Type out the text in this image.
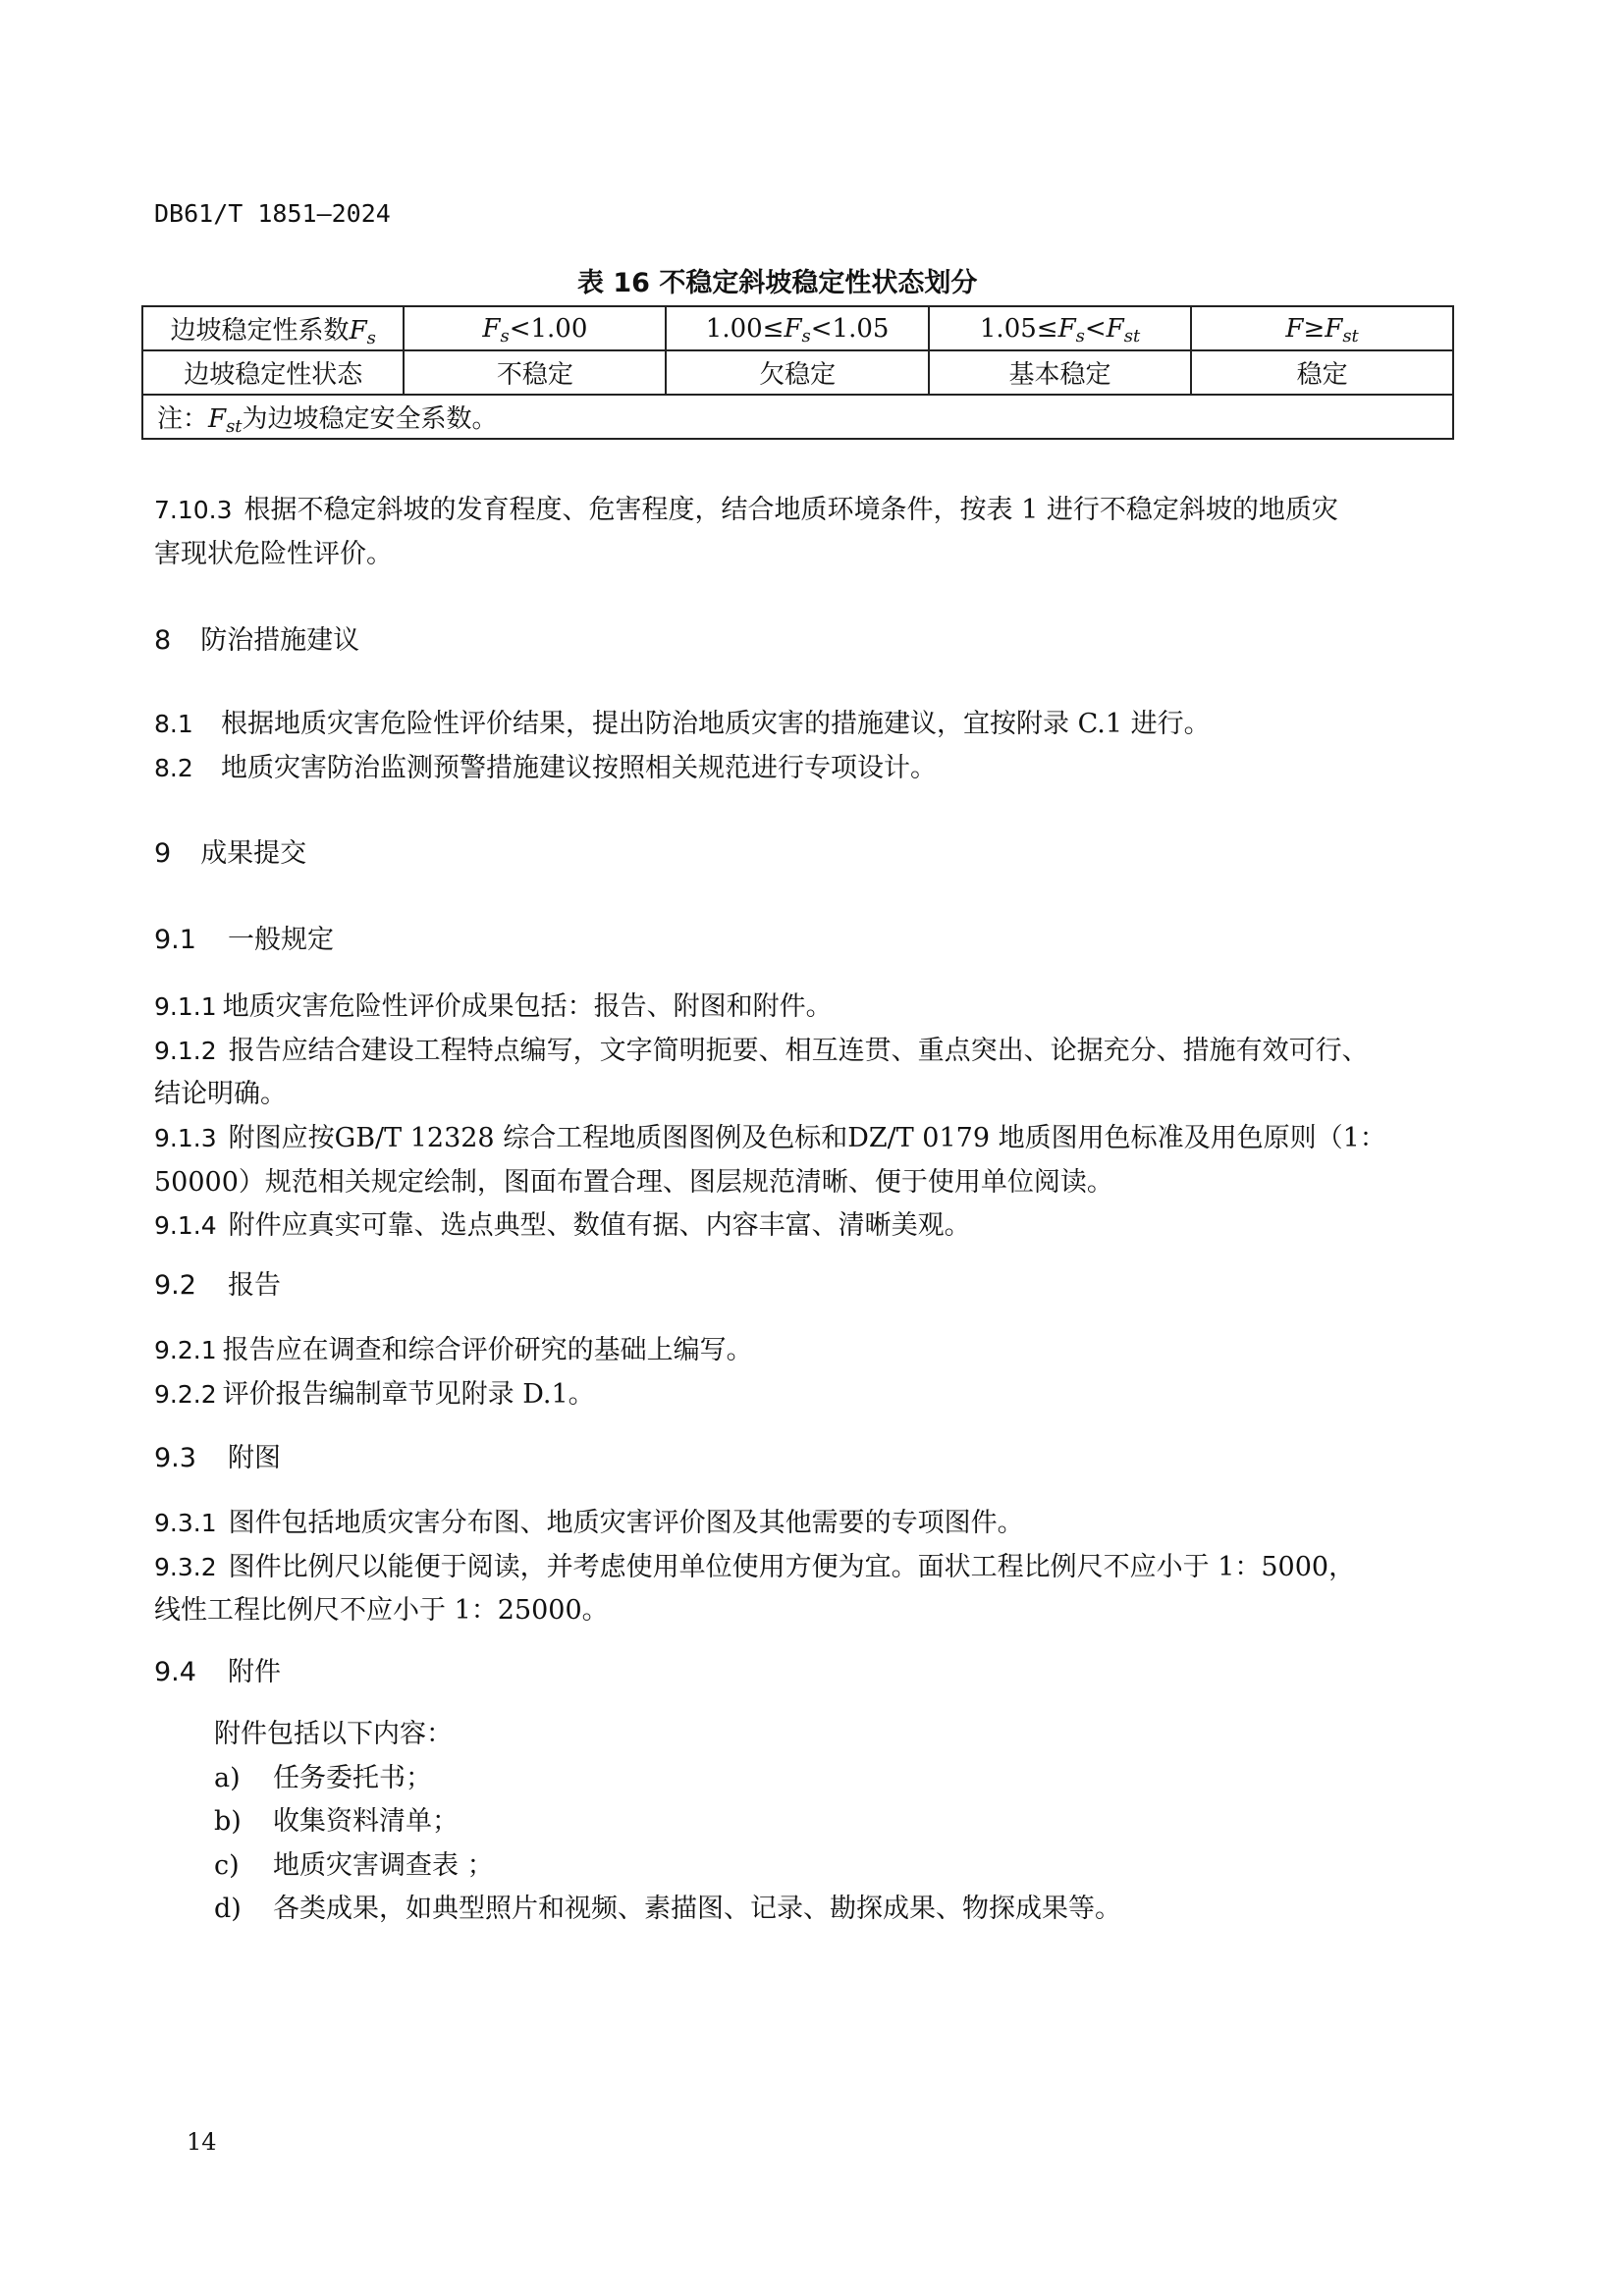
DB61/T 1851—2024
表 16 不稳定斜坡稳定性状态划分
边坡稳定性系数$F_s$	$F_s<1.00$	$1.00\le F_s<1.05$	$1.05\le F_s<F_{st}$	$F\ge F_{st}$
边坡稳定性状态	不稳定	欠稳定	基本稳定	稳定
注：$F_{st}$为边坡稳定安全系数。				
7.10.3 根据不稳定斜坡的发育程度、危害程度，结合地质环境条件，按表 1 进行不稳定斜坡的地质灾
害现状危险性评价。
8 防治措施建议
8.1 根据地质灾害危险性评价结果，提出防治地质灾害的措施建议，宜按附录 C.1 进行。
8.2 地质灾害防治监测预警措施建议按照相关规范进行专项设计。
9 成果提交
9.1 一般规定
9.1.1 地质灾害危险性评价成果包括：报告、附图和附件。
9.1.2 报告应结合建设工程特点编写，文字简明扼要、相互连贯、重点突出、论据充分、措施有效可行、
结论明确。
9.1.3 附图应按GB/T 12328 综合工程地质图图例及色标和DZ/T 0179 地质图用色标准及用色原则（1：
50000）规范相关规定绘制，图面布置合理、图层规范清晰、便于使用单位阅读。
9.1.4 附件应真实可靠、选点典型、数值有据、内容丰富、清晰美观。
9.2 报告
9.2.1 报告应在调查和综合评价研究的基础上编写。
9.2.2 评价报告编制章节见附录 D.1。
9.3 附图
9.3.1 图件包括地质灾害分布图、地质灾害评价图及其他需要的专项图件。
9.3.2 图件比例尺以能便于阅读，并考虑使用单位使用方便为宜。面状工程比例尺不应小于 1：5000，
线性工程比例尺不应小于 1：25000。
9.4 附件
附件包括以下内容：
a) 任务委托书；
b) 收集资料清单；
c) 地质灾害调查表 ；
d) 各类成果，如典型照片和视频、素描图、记录、勘探成果、物探成果等。
14
